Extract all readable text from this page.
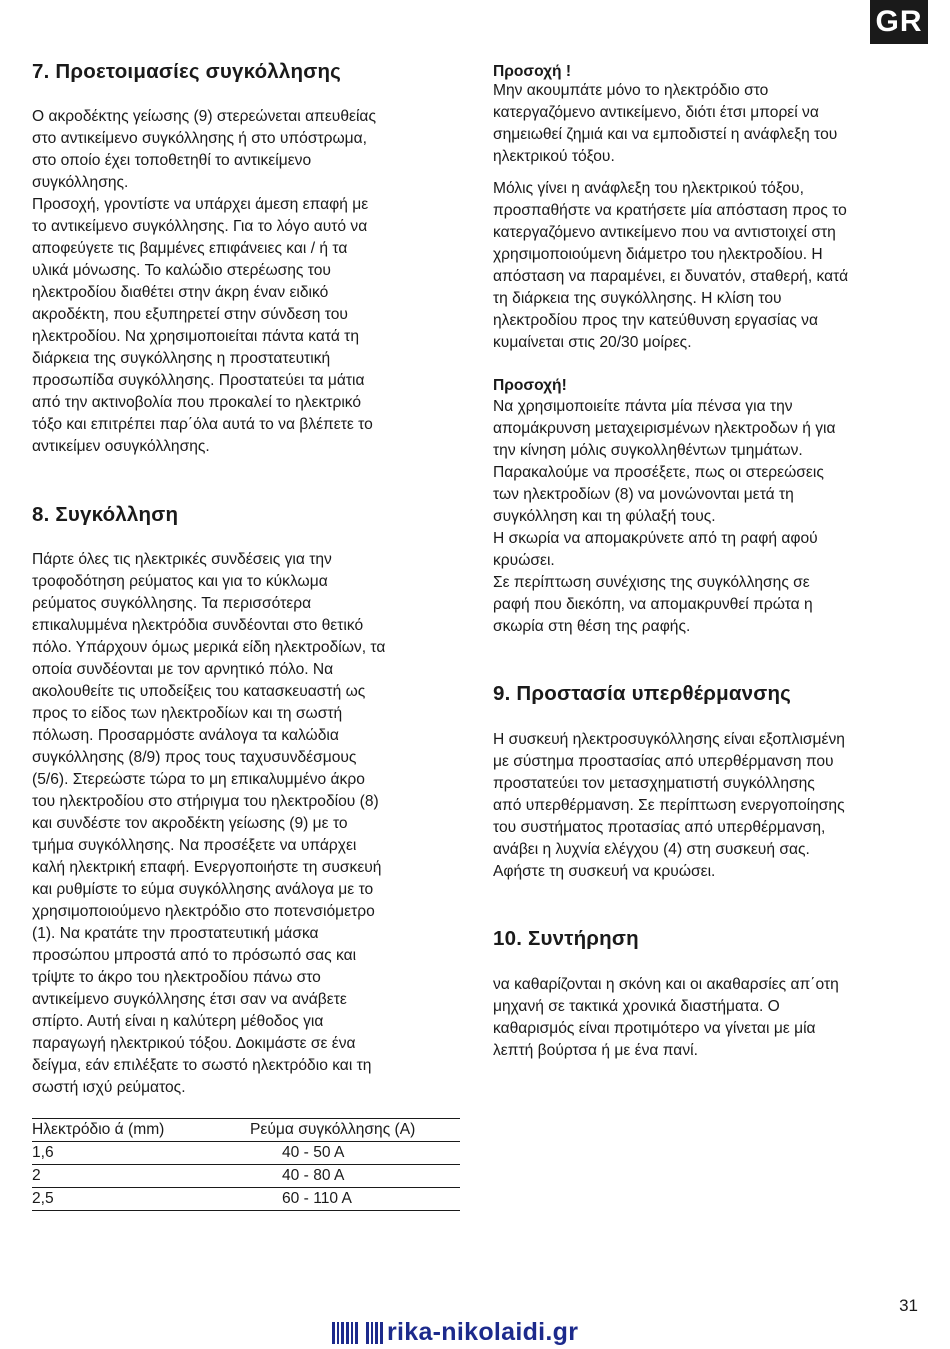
GR
7. Προετοιμασίες συγκόλλησης

Ο ακροδέκτης γείωσης (9) στερεώνεται απευθείας

στο αντικείμενο συγκόλλησης ή στο υπόστρωμα,

στο οποίο έχει τοποθετηθί το αντικείμενο

συγκόλλησης.

Προσοχή, γροντίστε να υπάρχει άμεση επαφή με

το αντικείμενο συγκόλλησης. Για το λόγο αυτό να

αποφεύγετε τις βαμμένες επιφάνειες και / ή τα

υλικά μόνωσης. Το καλώδιο στερέωσης του

ηλεκτροδίου διαθέτει στην άκρη έναν ειδικό

ακροδέκτη, που εξυπηρετεί στην σύνδεση του

ηλεκτροδίου. Να χρησιμοποιείται πάντα κατά τη

διάρκεια της συγκόλλησης η προστατευτική

προσωπίδα συγκόλλησης. Προστατεύει τα μάτια

από την ακτινοβολία που προκαλεί το ηλεκτρικό

τόξο και επιτρέπει παρ΄όλα αυτά το να βλέπετε το

αντικείμεν οσυγκόλλησης.

8. Συγκόλληση

Πάρτε όλες τις ηλεκτρικές συνδέσεις για την

τροφοδότηση ρεύματος και για το κύκλωμα

ρεύματος συγκόλλησης. Τα περισσότερα

επικαλυμμένα ηλεκτρόδια συνδέονται στο θετικό

πόλο. Υπάρχουν όμως μερικά είδη ηλεκτροδίων, τα

οποία συνδέονται με τον αρνητικό πόλο. Να

ακολουθείτε τις υποδείξεις του κατασκευαστή ως

προς το είδος των ηλεκτροδίων και τη σωστή

πόλωση. Προσαρμόστε ανάλογα τα καλώδια

συγκόλλησης (8/9) προς τους ταχυσυνδέσμους

(5/6). Στερεώστε τώρα το μη επικαλυμμένο άκρο

του ηλεκτροδίου στο στήριγμα του ηλεκτροδίου (8)

και συνδέστε τον ακροδέκτη γείωσης (9) με το

τμήμα συγκόλλησης. Να προσέξετε να υπάρχει

καλή ηλεκτρική επαφή. Ενεργοποιήστε τη συσκευή

και ρυθμίστε το εύμα συγκόλλησης ανάλογα με το

χρησιμοποιούμενο ηλεκτρόδιο στο ποτενσιόμετρο

(1). Να κρατάτε την προστατευτική μάσκα

προσώπου μπροστά από το πρόσωπό σας και

τρίψτε το άκρο του ηλεκτροδίου πάνω στο

αντικείμενο συγκόλλησης έτσι σαν να ανάβετε

σπίρτο. Αυτή είναι η καλύτερη μέθοδος για

παραγωγή ηλεκτρικού τόξου. Δοκιμάστε σε ένα

δείγμα, εάν επιλέξατε το σωστό ηλεκτρόδιο και τη

σωστή ισχύ ρεύματος.

Ηλεκτρόδιο ά (mm)	Ρεύμα συγκόλλησης (A)
1,6	40 - 50 A
2	40 - 80 A
2,5	60 - 110 A
Προσοχή !

Μην ακουμπάτε μόνο το ηλεκτρόδιο στο

κατεργαζόμενο αντικείμενο, διότι έτσι μπορεί να

σημειωθεί ζημιά και να εμποδιστεί η ανάφλεξη του

ηλεκτρικού τόξου.

Μόλις γίνει η ανάφλεξη του ηλεκτρικού τόξου,

προσπαθήστε να κρατήσετε μία απόσταση προς το

κατεργαζόμενο αντικείμενο που να αντιστοιχεί στη

χρησιμοποιούμενη διάμετρο του ηλεκτροδίου. Η

απόσταση να παραμένει, ει δυνατόν, σταθερή, κατά

τη διάρκεια της συγκόλλησης. Η κλίση του

ηλεκτροδίου προς την κατεύθυνση εργασίας να

κυμαίνεται στις 20/30 μοίρες.

Προσοχή!

Να χρησιμοποιείτε πάντα μία πένσα για την

απομάκρυνση μεταχειρισμένων ηλεκτροδων ή για

την κίνηση μόλις συγκολληθέντων τμημάτων.

Παρακαλούμε να προσέξετε, πως οι στερεώσεις

των ηλεκτροδίων (8) να μονώνονται μετά τη

συγκόλληση και τη φύλαξή τους.

Η σκωρία να απομακρύνετε από τη ραφή αφού

κρυώσει.

Σε περίπτωση συνέχισης της συγκόλλησης σε

ραφή που διεκόπη, να απομακρυνθεί πρώτα η

σκωρία στη θέση της ραφής.

9. Προστασία υπερθέρμανσης

Η συσκευή ηλεκτροσυγκόλλησης είναι εξοπλισμένη

με σύστημα προστασίας από υπερθέρμανση που

προστατεύει τον μετασχηματιστή συγκόλλησης

από υπερθέρμανση. Σε περίπτωση ενεργοποίησης

του συστήματος προτασίας από υπερθέρμανση,

ανάβει η λυχνία ελέγχου (4) στη συσκευή σας.

Αφήστε τη συσκευή να κρυώσει.

10. Συντήρηση

να καθαρίζονται η σκόνη και οι ακαθαρσίες απ΄οτη

μηχανή σε τακτικά χρονικά διαστήματα. Ο

καθαρισμός είναι προτιμότερο να γίνεται με μία

λεπτή βούρτσα ή με ένα πανί.

31
rika-nikolaidi.gr
